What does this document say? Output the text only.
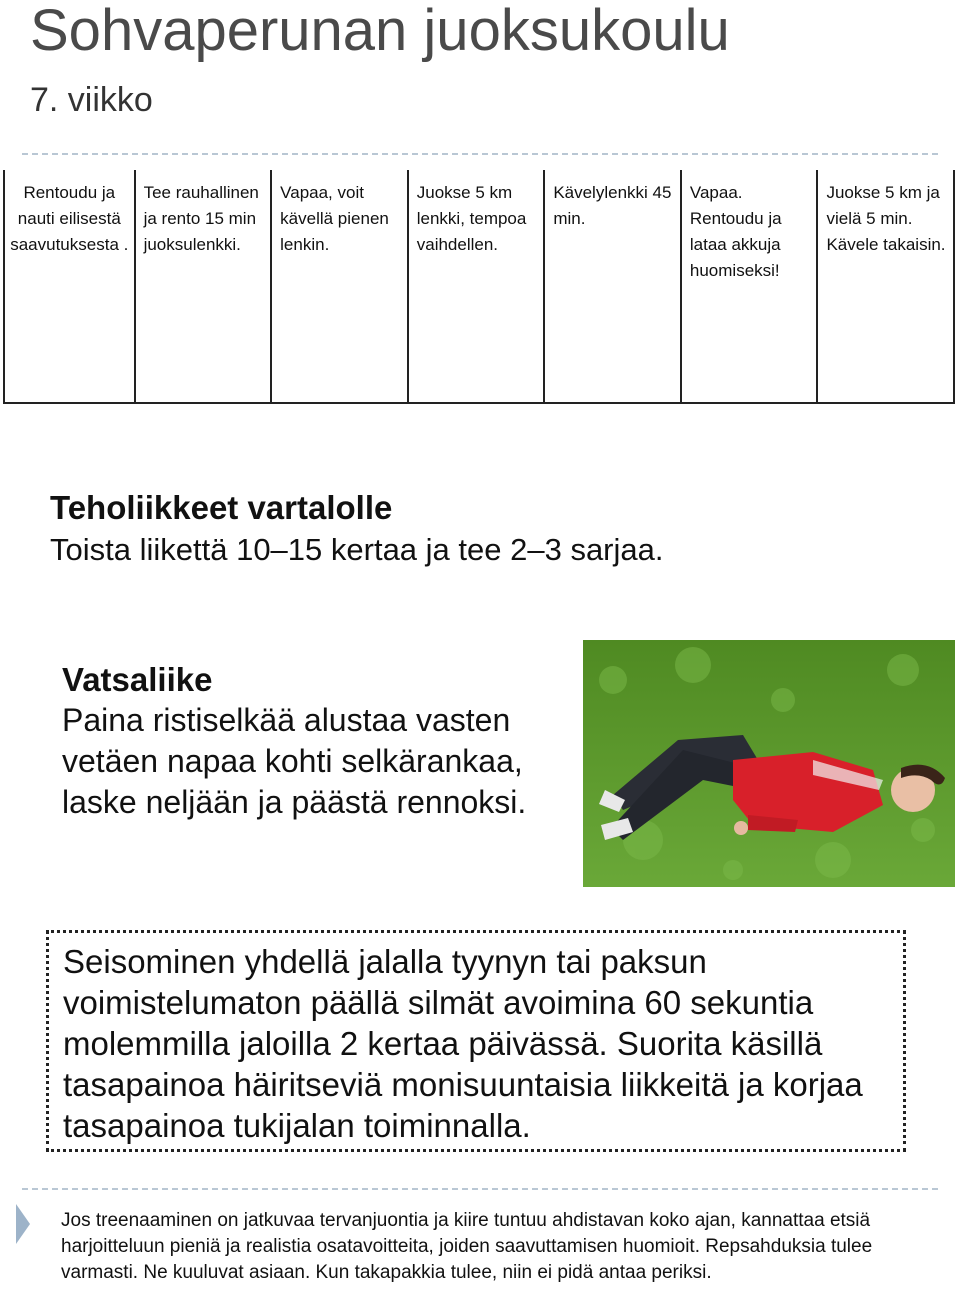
Sohvaperunan juoksukoulu
7. viikko
Rentoudu ja nauti eilisestä saavutuksesta .
Tee rauhallinen ja rento 15 min juoksulenkki.
Vapaa, voit kävellä pienen lenkin.
Juokse 5 km lenkki, tempoa vaihdellen.
Kävelylenkki 45 min.
Vapaa. Rentoudu ja lataa akkuja huomiseksi!
Juokse 5 km ja vielä 5 min. Kävele takaisin.
Teholiikkeet vartalolle

Toista liikettä 10–15 kertaa ja tee 2–3 sarjaa.

Vatsaliike

Paina ristiselkää alustaa vasten vetäen napaa kohti selkärankaa, laske neljään ja päästä rennoksi.

Seisominen yhdellä jalalla tyynyn tai paksun voimistelumaton päällä silmät avoimina 60 sekuntia molemmilla jaloilla 2 kertaa päivässä. Suorita käsillä tasapainoa häiritseviä monisuuntaisia liikkeitä ja korjaa tasapainoa tukijalan toiminnalla.

Jos treenaaminen on jatkuvaa tervanjuontia ja kiire tuntuu ahdistavan koko ajan, kannattaa etsiä harjoitteluun pieniä ja realistia osatavoitteita, joiden saavuttamisen huomioit. Repsahduksia tulee varmasti. Ne kuuluvat asiaan. Kun takapakkia tulee, niin ei pidä antaa periksi.
